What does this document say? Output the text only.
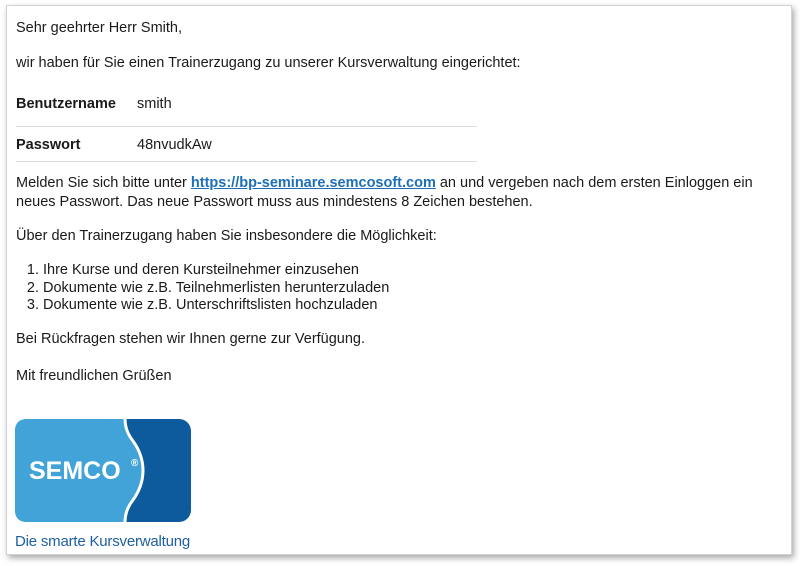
Sehr geehrter Herr Smith,
wir haben für Sie einen Trainerzugang zu unserer Kursverwaltung eingerichtet:
Benutzername smith
Passwort	48nvudkAw
Melden Sie sich bitte unter https://bp-seminare.semcosoft.com an und vergeben nach dem ersten Einloggen ein neues Passwort. Das neue Passwort muss aus mindestens 8 Zeichen bestehen.
Über den Trainerzugang haben Sie insbesondere die Möglichkeit:
1. Ihre Kurse und deren Kursteilnehmer einzusehen
2. Dokumente wie z.B. Teilnehmerlisten herunterzuladen
3. Dokumente wie z.B. Unterschriftslisten hochzuladen
Bei Rückfragen stehen wir Ihnen gerne zur Verfügung.
Mit freundlichen Grüßen
SEMCO ®
Die smarte Kursverwaltung
